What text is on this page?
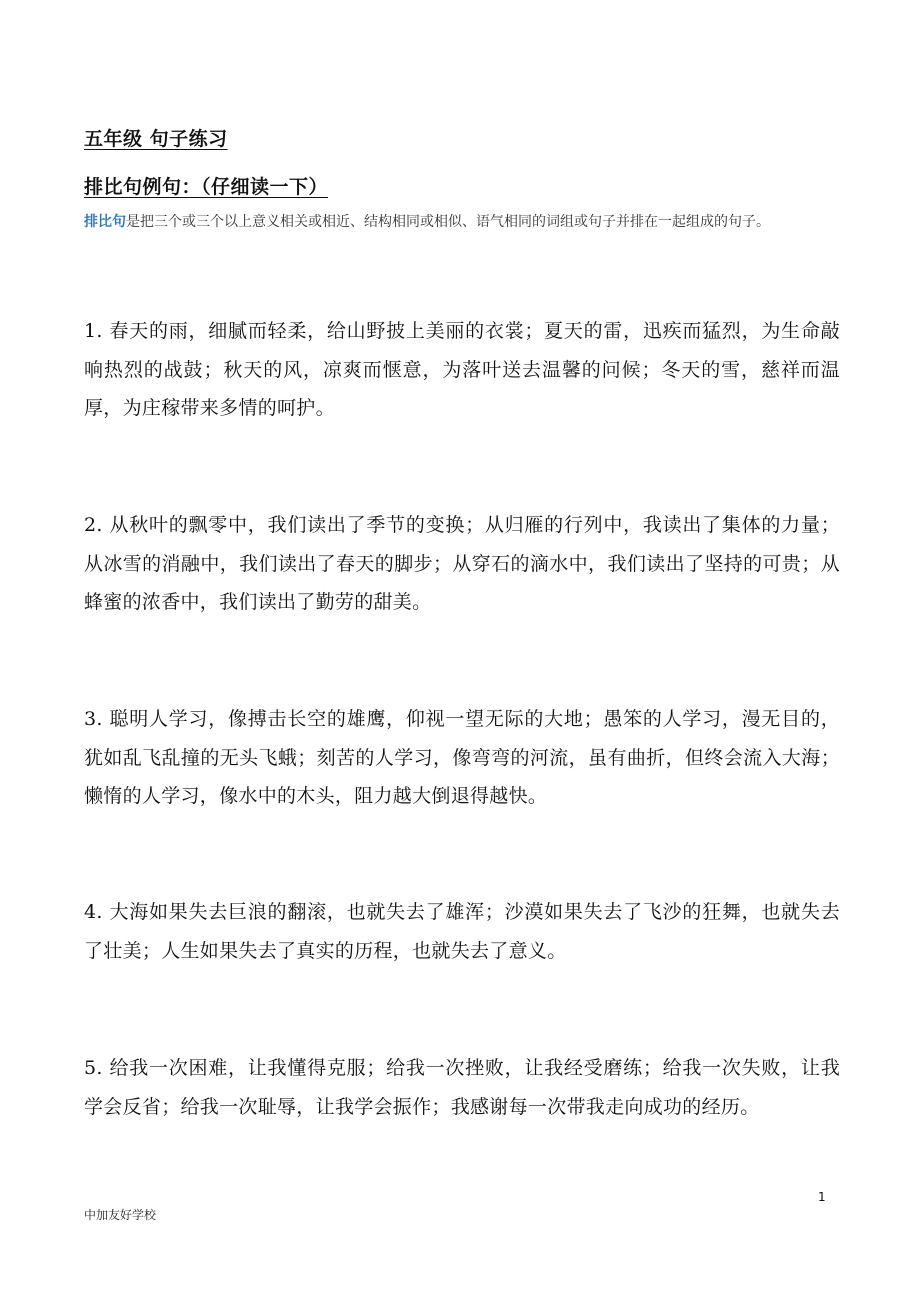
五年级 句子练习
排比句例句：（仔细读一下）
排比句是把三个或三个以上意义相关或相近、结构相同或相似、语气相同的词组或句子并排在一起组成的句子。
1. 春天的雨，细腻而轻柔，给山野披上美丽的衣裳；夏天的雷，迅疾而猛烈，为生命敲响热烈的战鼓；秋天的风，凉爽而惬意，为落叶送去温馨的问候；冬天的雪，慈祥而温厚，为庄稼带来多情的呵护。
2. 从秋叶的飘零中，我们读出了季节的变换；从归雁的行列中，我读出了集体的力量；从冰雪的消融中，我们读出了春天的脚步；从穿石的滴水中，我们读出了坚持的可贵；从蜂蜜的浓香中，我们读出了勤劳的甜美。
3. 聪明人学习，像搏击长空的雄鹰，仰视一望无际的大地；愚笨的人学习，漫无目的，犹如乱飞乱撞的无头飞蛾；刻苦的人学习，像弯弯的河流，虽有曲折，但终会流入大海；懒惰的人学习，像水中的木头，阻力越大倒退得越快。
4. 大海如果失去巨浪的翻滚，也就失去了雄浑；沙漠如果失去了飞沙的狂舞，也就失去了壮美；人生如果失去了真实的历程，也就失去了意义。
5. 给我一次困难，让我懂得克服；给我一次挫败，让我经受磨练；给我一次失败，让我学会反省；给我一次耻辱，让我学会振作；我感谢每一次带我走向成功的经历。
1
中加友好学校
